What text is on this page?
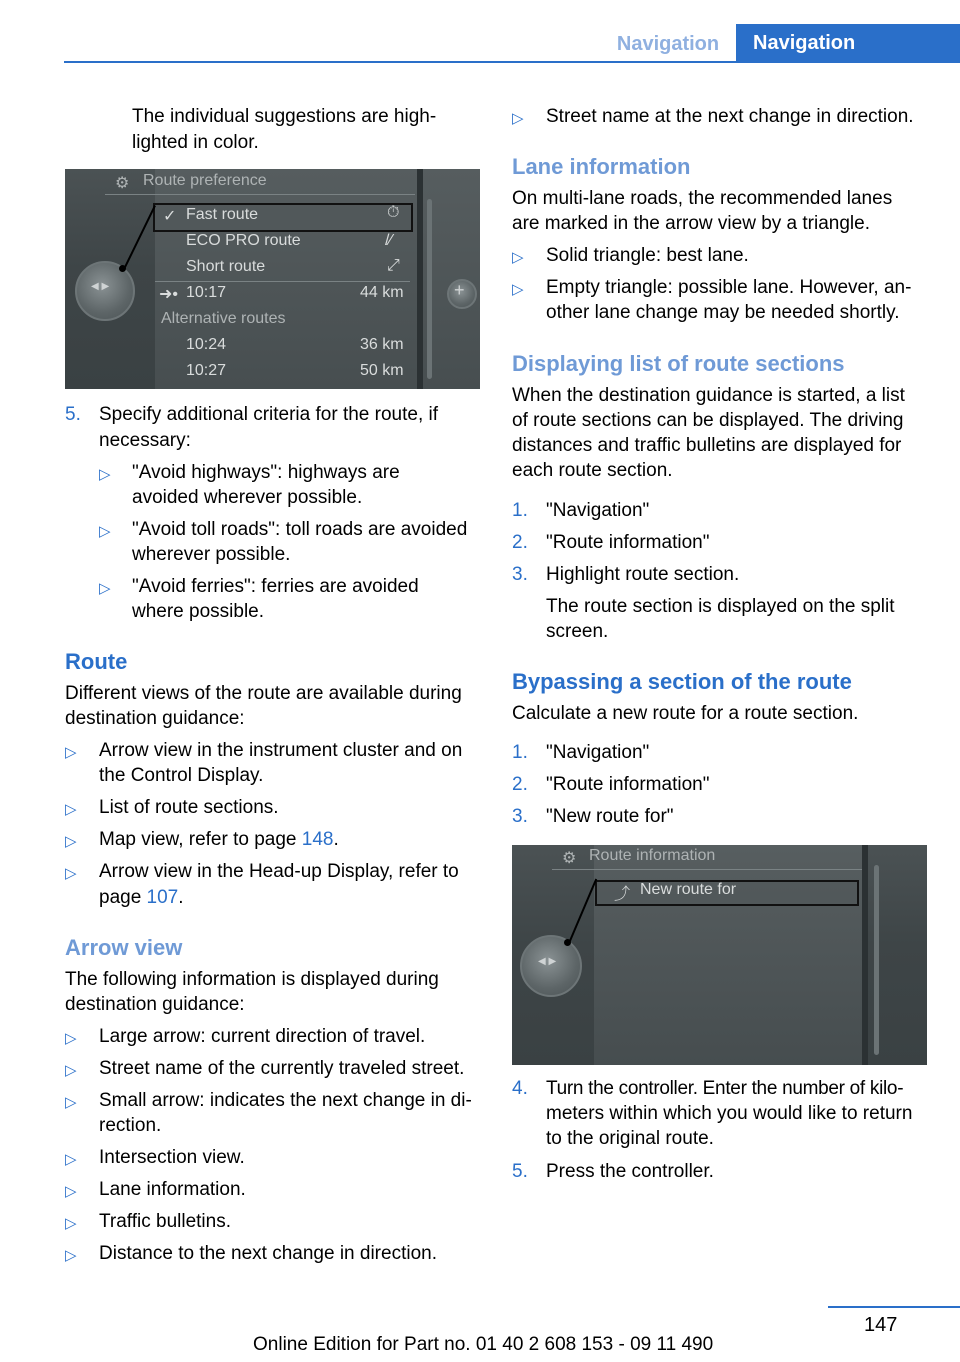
Navigation	Navigation
The individual suggestions are high-
lighted in color.
⚙ Route preference
✓ Fast route	⏱
ECO PRO route	/⁄
Short route	⤢
➜• 10:17	44 km
Alternative routes
10:24	36 km
10:27	50 km
◀ ▶	+
5. Specify additional criteria for the route, if
necessary:
▷ "Avoid highways": highways are
avoided wherever possible.
▷ "Avoid toll roads": toll roads are avoided
wherever possible.
▷ "Avoid ferries": ferries are avoided
where possible.
Route
Different views of the route are available during
destination guidance:
▷ Arrow view in the instrument cluster and on
the Control Display.
▷ List of route sections.
▷ Map view, refer to page 148.
▷ Arrow view in the Head-up Display, refer to
page 107.
Arrow view
The following information is displayed during
destination guidance:
▷ Large arrow: current direction of travel.
▷ Street name of the currently traveled street.
▷ Small arrow: indicates the next change in di-
rection.
▷ Intersection view.
▷ Lane information.
▷ Traffic bulletins.
▷ Distance to the next change in direction.
▷ Street name at the next change in direction.
Lane information
On multi-lane roads, the recommended lanes
are marked in the arrow view by a triangle.
▷ Solid triangle: best lane.
▷ Empty triangle: possible lane. However, an-
other lane change may be needed shortly.
Displaying list of route sections
When the destination guidance is started, a list
of route sections can be displayed. The driving
distances and traffic bulletins are displayed for
each route section.
1. "Navigation"
2. "Route information"
3. Highlight route section.
The route section is displayed on the split
screen.
Bypassing a section of the route
Calculate a new route for a route section.
1. "Navigation"
2. "Route information"
3. "New route for"
⚙ Route information
⤴ New route for
◀ ▶
4. Turn the controller. Enter the number of kilo-
meters within which you would like to return
to the original route.
5. Press the controller.
147
Online Edition for Part no. 01 40 2 608 153 - 09 11 490
